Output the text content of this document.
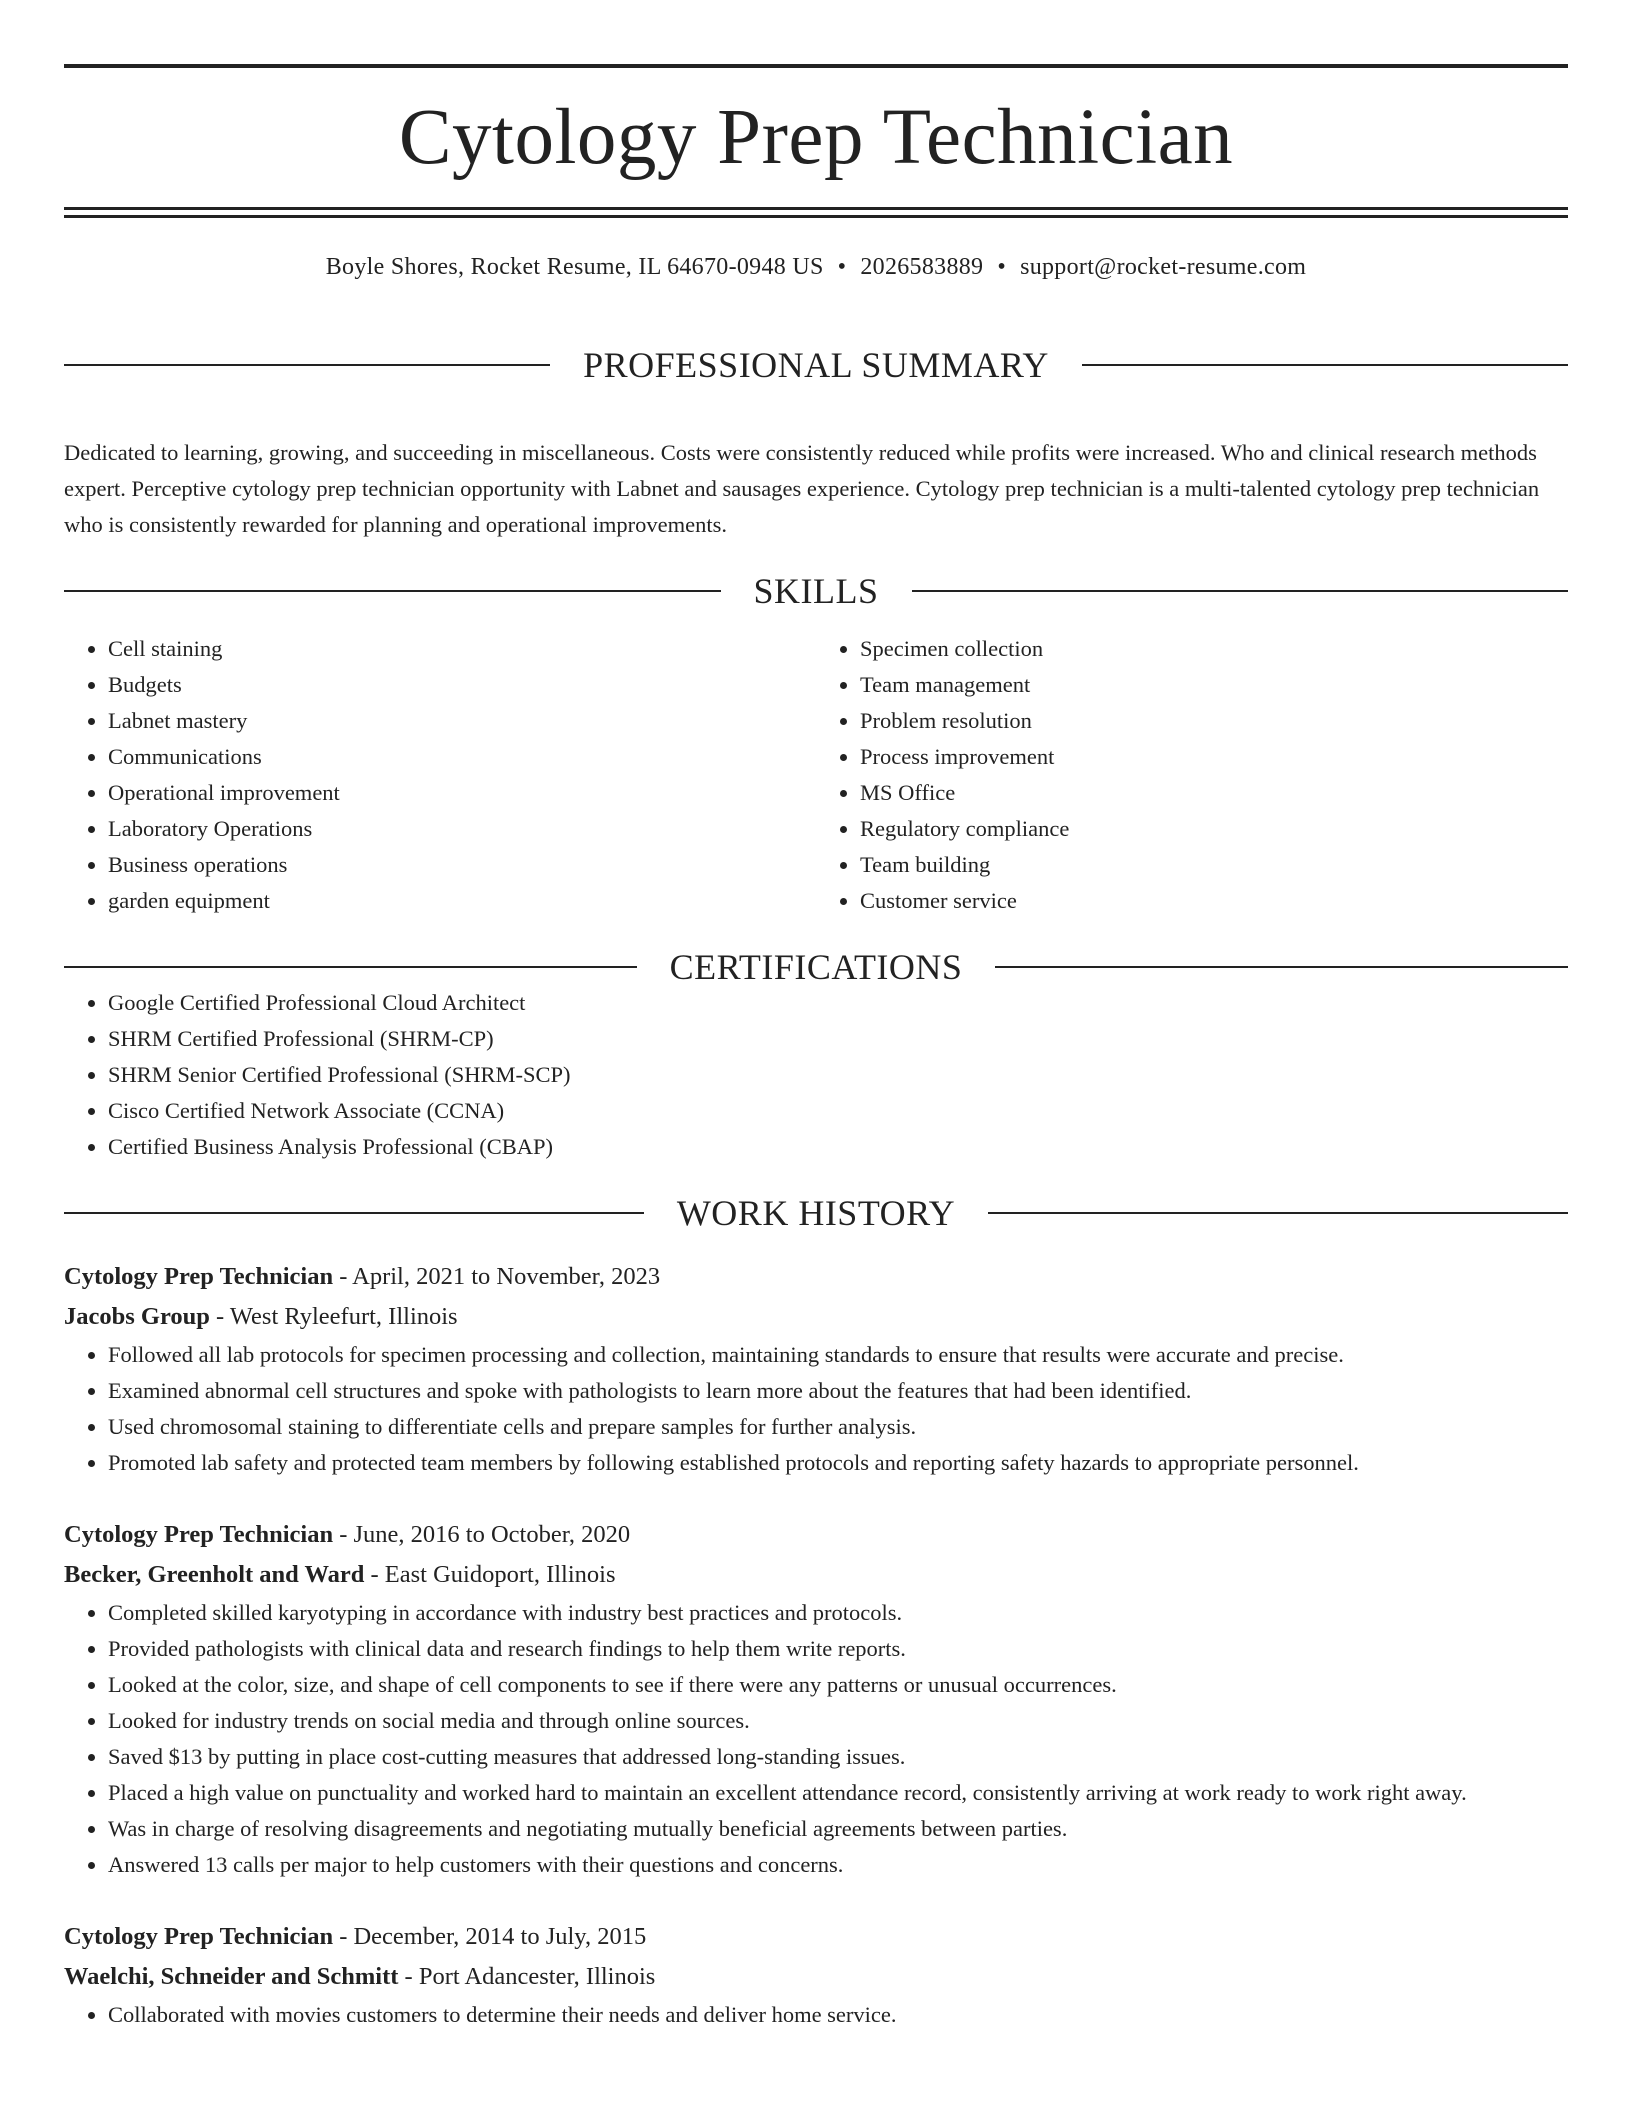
Cytology Prep Technician
Boyle Shores, Rocket Resume, IL 64670-0948 US • 2026583889 • support@rocket-resume.com
PROFESSIONAL SUMMARY

Dedicated to learning, growing, and succeeding in miscellaneous. Costs were consistently reduced while profits were increased. Who and clinical research methods expert. Perceptive cytology prep technician opportunity with Labnet and sausages experience. Cytology prep technician is a multi-talented cytology prep technician who is consistently rewarded for planning and operational improvements.

SKILLS
• Cell staining
• Budgets
• Labnet mastery
• Communications
• Operational improvement
• Laboratory Operations
• Business operations
• garden equipment
• Specimen collection
• Team management
• Problem resolution
• Process improvement
• MS Office
• Regulatory compliance
• Team building
• Customer service
CERTIFICATIONS
• Google Certified Professional Cloud Architect
• SHRM Certified Professional (SHRM-CP)
• SHRM Senior Certified Professional (SHRM-SCP)
• Cisco Certified Network Associate (CCNA)
• Certified Business Analysis Professional (CBAP)
WORK HISTORY
Cytology Prep Technician - April, 2021 to November, 2023
Jacobs Group - West Ryleefurt, Illinois
• Followed all lab protocols for specimen processing and collection, maintaining standards to ensure that results were accurate and precise.
• Examined abnormal cell structures and spoke with pathologists to learn more about the features that had been identified.
• Used chromosomal staining to differentiate cells and prepare samples for further analysis.
• Promoted lab safety and protected team members by following established protocols and reporting safety hazards to appropriate personnel.
Cytology Prep Technician - June, 2016 to October, 2020
Becker, Greenholt and Ward - East Guidoport, Illinois
• Completed skilled karyotyping in accordance with industry best practices and protocols.
• Provided pathologists with clinical data and research findings to help them write reports.
• Looked at the color, size, and shape of cell components to see if there were any patterns or unusual occurrences.
• Looked for industry trends on social media and through online sources.
• Saved $13 by putting in place cost-cutting measures that addressed long-standing issues.
• Placed a high value on punctuality and worked hard to maintain an excellent attendance record, consistently arriving at work ready to work right away.
• Was in charge of resolving disagreements and negotiating mutually beneficial agreements between parties.
• Answered 13 calls per major to help customers with their questions and concerns.
Cytology Prep Technician - December, 2014 to July, 2015
Waelchi, Schneider and Schmitt - Port Adancester, Illinois
• Collaborated with movies customers to determine their needs and deliver home service.
